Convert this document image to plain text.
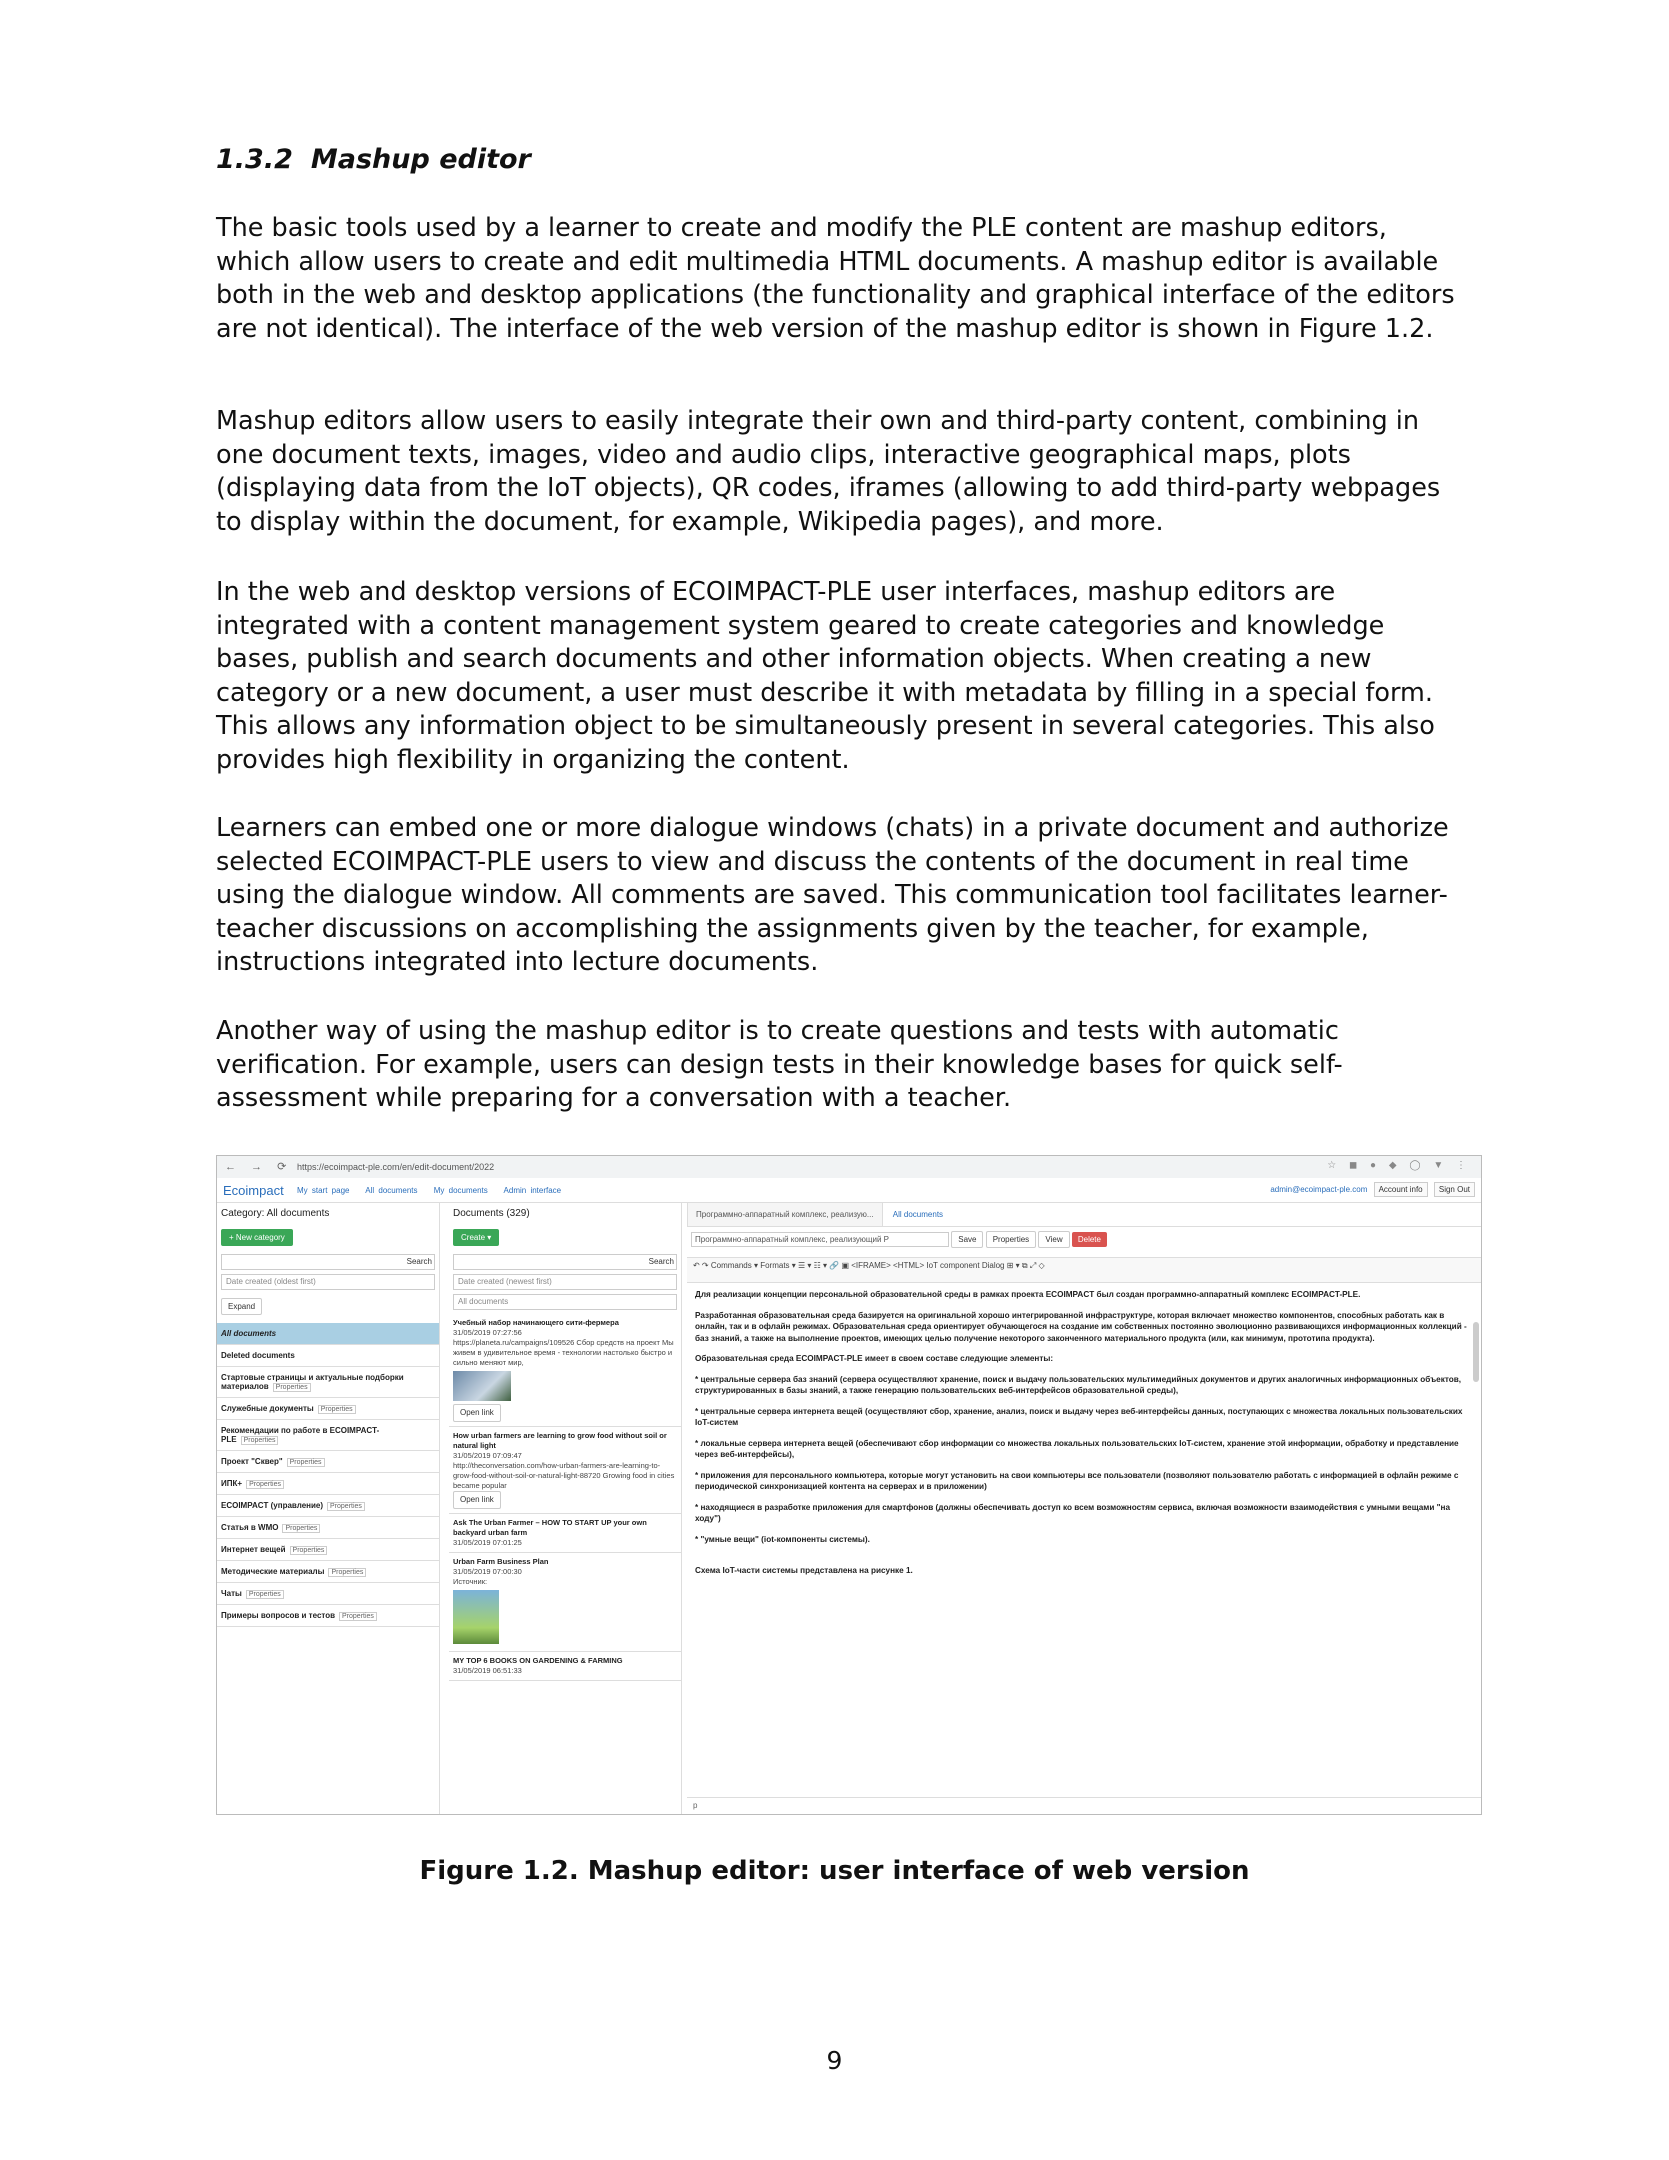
1.3.2 Mashup editor

The basic tools used by a learner to create and modify the PLE content are mashup editors, which allow users to create and edit multimedia HTML documents. A mashup editor is available both in the web and desktop applications (the functionality and graphical interface of the editors are not identical). The interface of the web version of the mashup editor is shown in Figure 1.2.

Mashup editors allow users to easily integrate their own and third-party content, combining in one document texts, images, video and audio clips, interactive geographical maps, plots (displaying data from the IoT objects), QR codes, iframes (allowing to add third-party webpages to display within the document, for example, Wikipedia pages), and more.

In the web and desktop versions of ECOIMPACT-PLE user interfaces, mashup editors are integrated with a content management system geared to create categories and knowledge bases, publish and search documents and other information objects. When creating a new category or a new document, a user must describe it with metadata by filling in a special form. This allows any information object to be simultaneously present in several categories. This also provides high flexibility in organizing the content.

Learners can embed one or more dialogue windows (chats) in a private document and authorize selected ECOIMPACT-PLE users to view and discuss the contents of the document in real time using the dialogue window. All comments are saved. This communication tool facilitates learner-teacher discussions on accomplishing the assignments given by the teacher, for example, instructions integrated into lecture documents.

Another way of using the mashup editor is to create questions and tests with automatic verification. For example, users can design tests in their knowledge bases for quick self-assessment while preparing for a conversation with a teacher.

← → ⟳ https://ecoimpact-ple.com/en/edit-document/2022	☆ ◼ ● ◆ ◯ ▼ ⋮
Ecoimpact My start page All documents My documents Admin interface	admin@ecoimpact-ple.com Account info Sign Out
Category: All documents
+ New category
Search
Date created (oldest first)
Expand
All documents
Deleted documents
Стартовые страницы и актуальные подборки материалов Properties
Служебные документы Properties
Рекомендации по работе в ECOIMPACT-PLE Properties
Проект "Сквер" Properties
ИПК+ Properties
ECOIMPACT (управление) Properties
Статья в WMO Properties
Интернет вещей Properties
Методические материалы Properties
Чаты Properties
Примеры вопросов и тестов Properties
Documents (329)
Create ▾
Search
Date created (newest first)
All documents
Учебный набор начинающего сити-фермера
31/05/2019 07:27:56
https://planeta.ru/campaigns/109526 Сбор средств на проект Мы живем в удивительное время - технологии настолько быстро и сильно меняют мир,
Open link
How urban farmers are learning to grow food without soil or natural light
31/05/2019 07:09:47
http://theconversation.com/how-urban-farmers-are-learning-to-grow-food-without-soil-or-natural-light-88720 Growing food in cities became popular
Open link
Ask The Urban Farmer – HOW TO START UP your own backyard urban farm
31/05/2019 07:01:25
Urban Farm Business Plan
31/05/2019 07:00:30
Источник:
MY TOP 6 BOOKS ON GARDENING & FARMING
31/05/2019 06:51:33
Программно-аппаратный комплекс, реализую... All documents
Программно-аппаратный комплекс, реализующий Р	Save Properties View Delete
↶ ↷ Commands ▾ Formats ▾ ☰ ▾ ☷ ▾ 🔗 ▣ <IFRAME> <HTML> IoT component Dialog ⊞ ▾ ⧉ ⤢ ◇

Для реализации концепции персональной образовательной среды в рамках проекта ECOIMPACT был создан программно-аппаратный комплекс ECOIMPACT-PLE.

Разработанная образовательная среда базируется на оригинальной хорошо интегрированной инфраструктуре, которая включает множество компонентов, способных работать как в онлайн, так и в офлайн режимах. Образовательная среда ориентирует обучающегося на создание им собственных постоянно эволюционно развивающихся информационных коллекций - баз знаний, а также на выполнение проектов, имеющих целью получение некоторого законченного материального продукта (или, как минимум, прототипа продукта).

Образовательная среда ECOIMPACT-PLE имеет в своем составе следующие элементы:

* центральные сервера баз знаний (сервера осуществляют хранение, поиск и выдачу пользовательских мультимедийных документов и других аналогичных информационных объектов, структурированных в базы знаний, а также генерацию пользовательских веб-интерфейсов образовательной среды),

* центральные сервера интернета вещей (осуществляют сбор, хранение, анализ, поиск и выдачу через веб-интерфейсы данных, поступающих с множества локальных пользовательских IoT-систем

* локальные сервера интернета вещей (обеспечивают сбор информации со множества локальных пользовательских IoT-систем, хранение этой информации, обработку и представление через веб-интерфейсы),

* приложения для персонального компьютера, которые могут установить на свои компьютеры все пользователи (позволяют пользователю работать с информацией в офлайн режиме с периодической синхронизацией контента на серверах и в приложении)

* находящиеся в разработке приложения для смартфонов (должны обеспечивать доступ ко всем возможностям сервиса, включая возможности взаимодействия с умными вещами "на ходу")

* "умные вещи" (iot-компоненты системы).

Схема IoT-части системы представлена на рисунке 1.

p
Figure 1.2. Mashup editor: user interface of web version
9
